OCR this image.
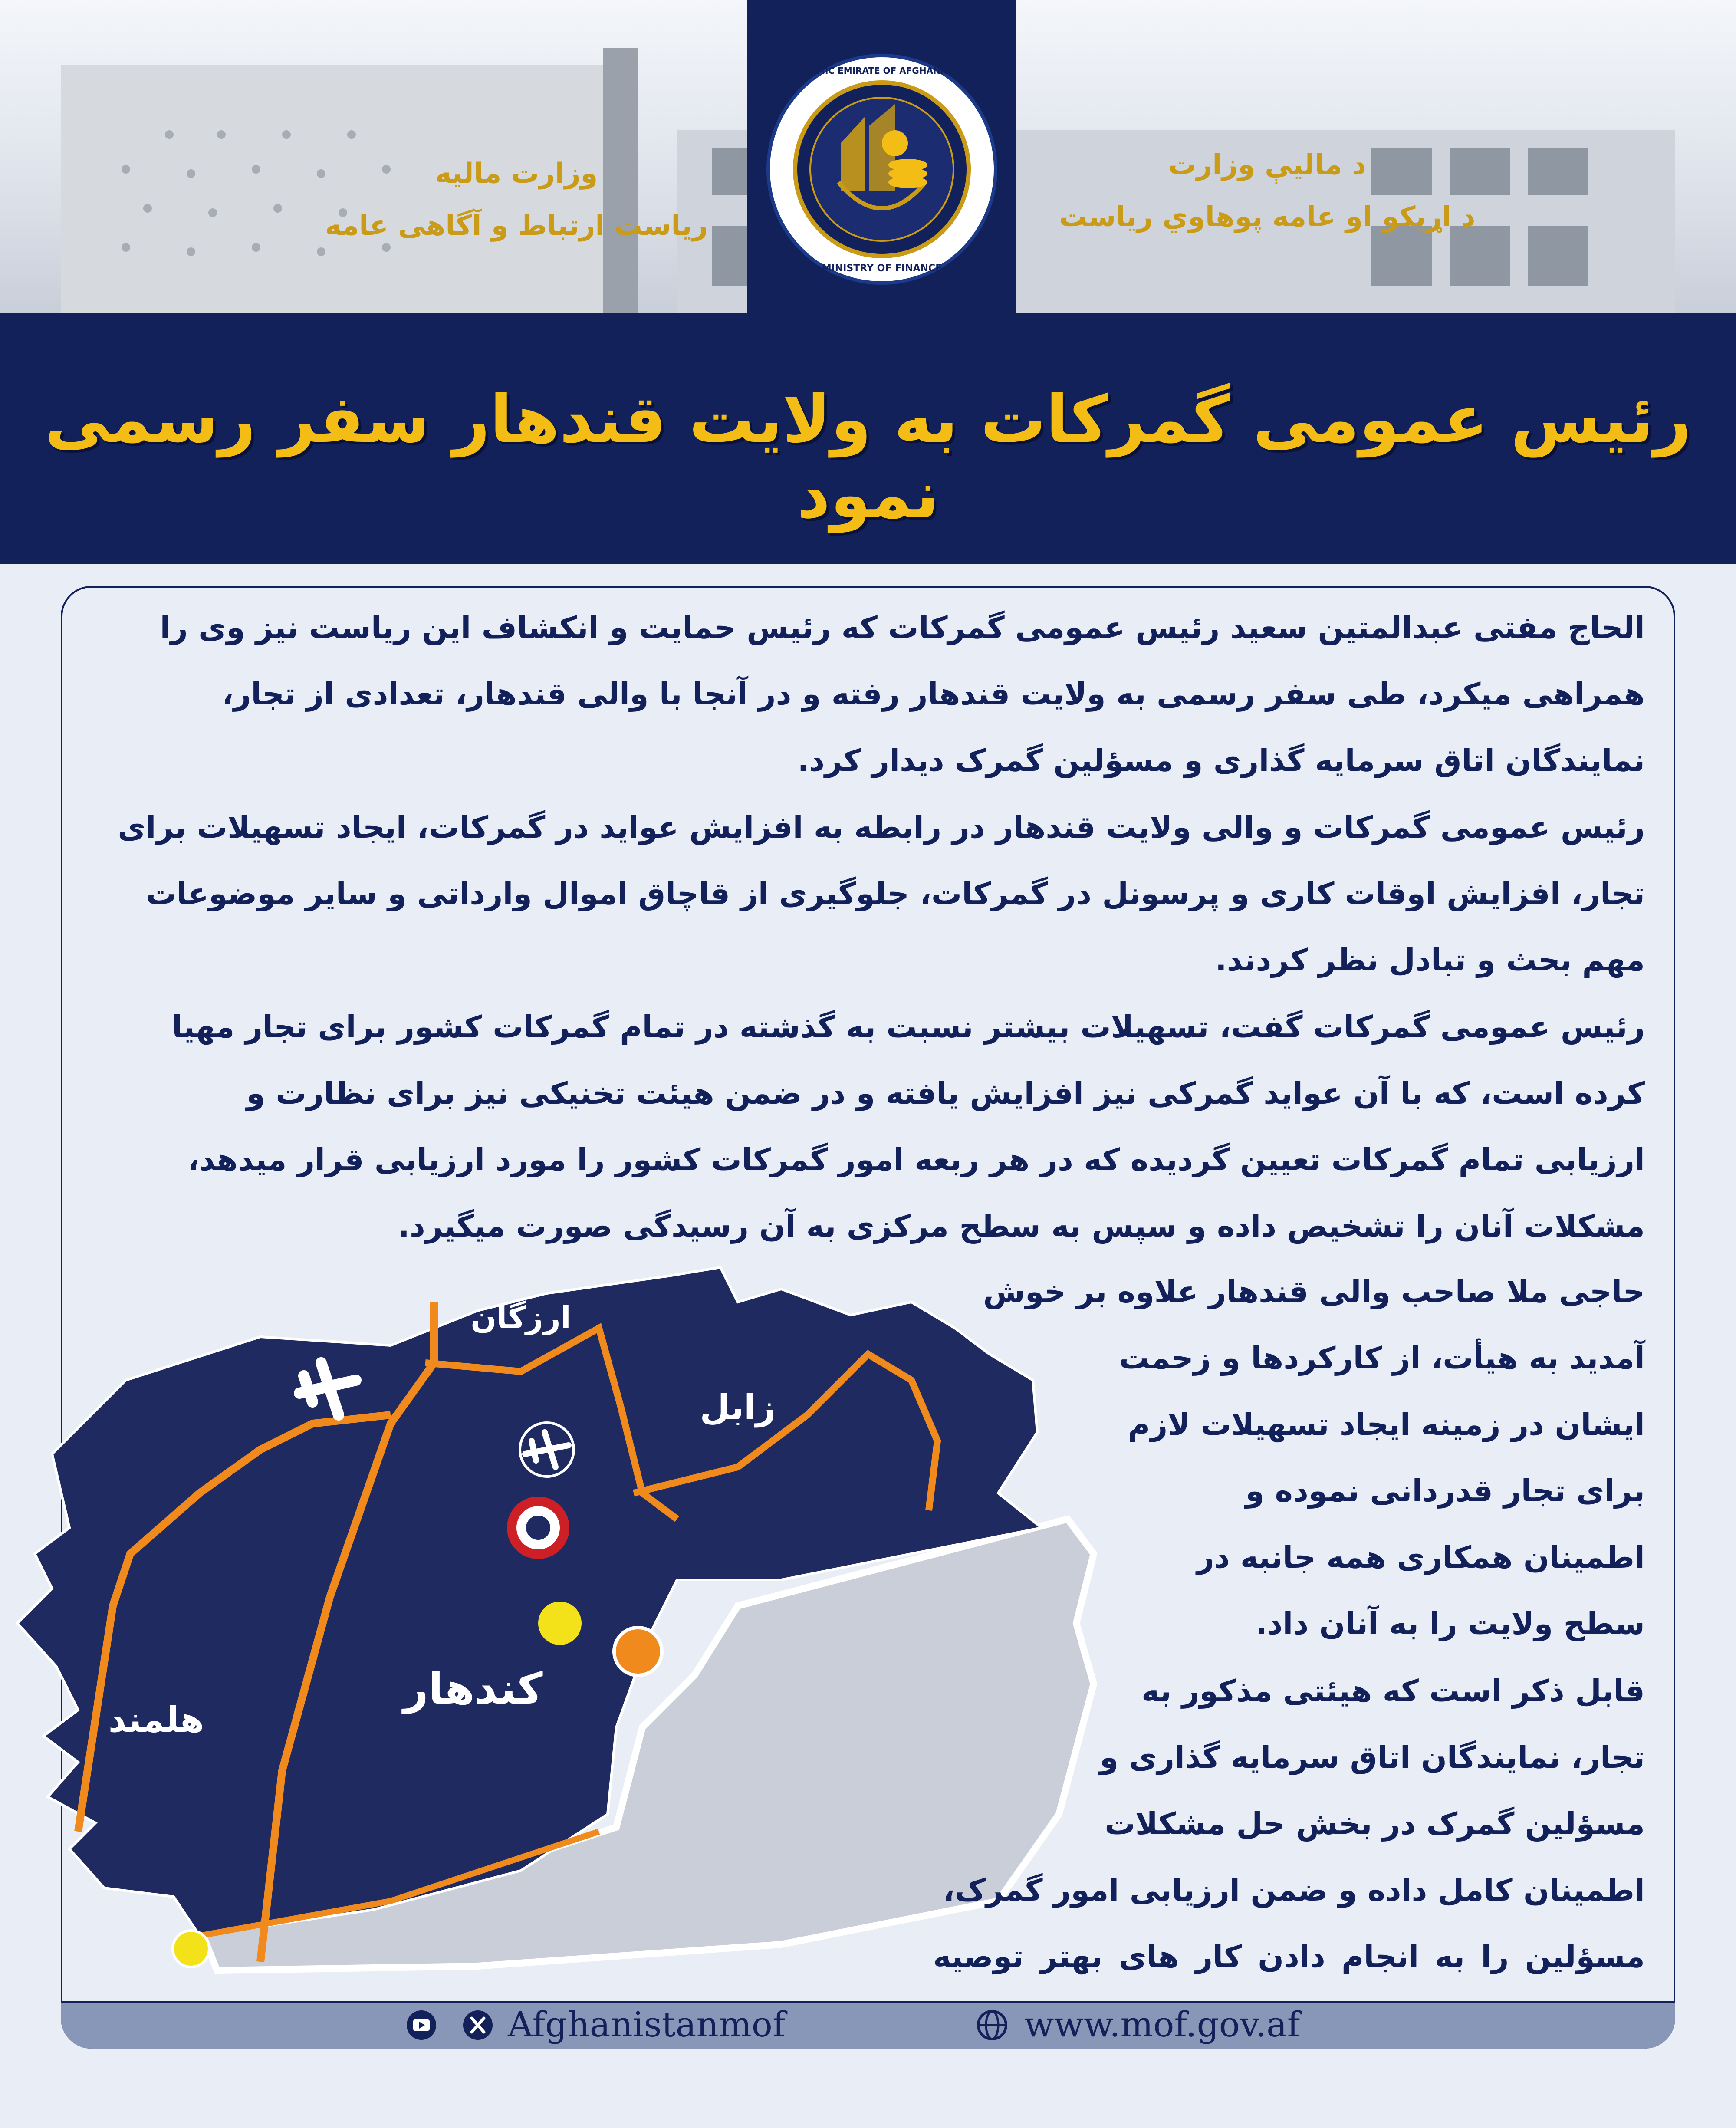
ISLAMIC EMIRATE OF AFGHANISTAN
MINISTRY OF FINANCE
وزارت مالیه
ریاست ارتباط و آگاهی عامه
د مالیې وزارت
د اړیکو او عامه پوهاوي ریاست
رئیس عمومی گمرکات به ولایت قندهار سفر رسمی نمود
کندهار
هلمند
زابل
ارزگان
الحاج مفتی عبدالمتین سعید رئیس عمومی گمرکات که رئیس حمایت و انکشاف این ریاست نیز وی را
همراهی میکرد، طی سفر رسمی به ولایت قندهار رفته و در آنجا با والی قندهار، تعدادی از تجار،
نمایندگان اتاق سرمایه گذاری و مسؤلین گمرک دیدار کرد.
رئیس عمومی گمرکات و والی ولایت قندهار در رابطه به افزایش عواید در گمرکات، ایجاد تسهیلات برای
تجار، افزایش اوقات کاری و پرسونل در گمرکات، جلوگیری از قاچاق اموال وارداتی و سایر موضوعات
مهم بحث و تبادل نظر کردند.
رئیس عمومی گمرکات گفت، تسهیلات بیشتر نسبت به گذشته در تمام گمرکات کشور برای تجار مهیا
کرده است، که با آن عواید گمرکی نیز افزایش یافته و در ضمن هیئت تخنیکی نیز برای نظارت و
ارزیابی تمام گمرکات تعیین گردیده که در هر ربعه امور گمرکات کشور را مورد ارزیابی قرار میدهد،
مشکلات آنان را تشخیص داده و سپس به سطح مرکزی به آن رسیدگی صورت میگیرد.
حاجی ملا صاحب والی قندهار علاوه بر خوش
آمدید به هیأت، از کارکردها و زحمت
ایشان در زمینه ایجاد تسهیلات لازم
برای تجار قدردانی نموده و
اطمینان همکاری همه جانبه در
سطح ولایت را به آنان داد.
قابل ذکر است که هیئتی مذکور به
تجار، نمایندگان اتاق سرمایه گذاری و
مسؤلین گمرک در بخش حل مشکلات
اطمینان کامل داده و ضمن ارزیابی امور گمرک،
مسؤلین را به انجام دادن کار های بهتر توصیه
Afghanistanmof	www.mof.gov.af
